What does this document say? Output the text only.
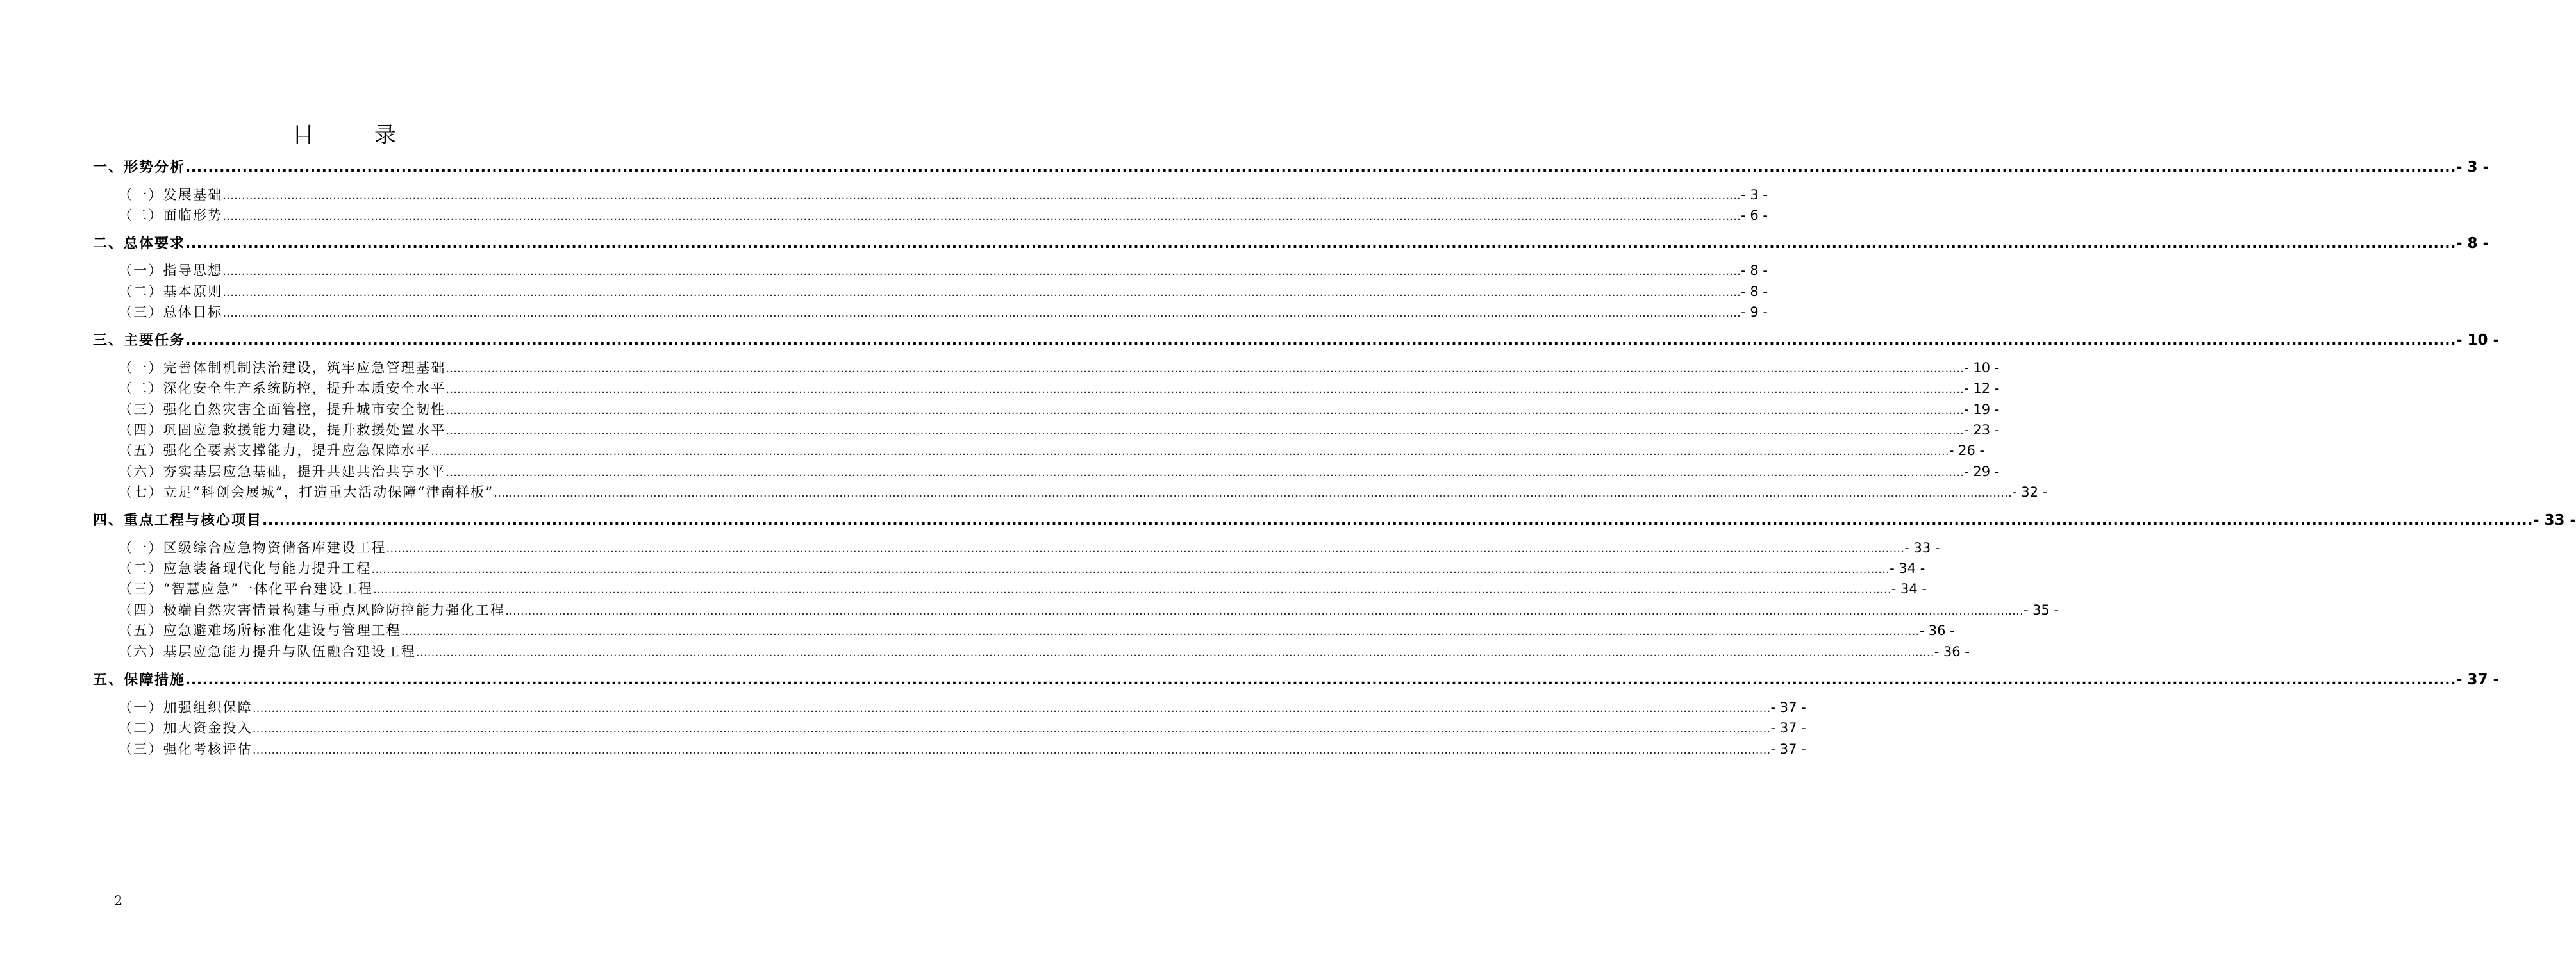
目　录
一、形势分析 ................................................................................................................................................................................................................................................................................................................................................................................................................ - 3 -
（一）发展基础 ................................................................................................................................................................................................................................................................................................................................................................................................................ - 3 -
（二）面临形势 ................................................................................................................................................................................................................................................................................................................................................................................................................ - 6 -
二、总体要求 ................................................................................................................................................................................................................................................................................................................................................................................................................ - 8 -
（一）指导思想 ................................................................................................................................................................................................................................................................................................................................................................................................................ - 8 -
（二）基本原则 ................................................................................................................................................................................................................................................................................................................................................................................................................ - 8 -
（三）总体目标 ................................................................................................................................................................................................................................................................................................................................................................................................................ - 9 -
三、主要任务 ................................................................................................................................................................................................................................................................................................................................................................................................................ - 10 -
（一）完善体制机制法治建设，筑牢应急管理基础 ................................................................................................................................................................................................................................................................................................................................................................................................................ - 10 -
（二）深化安全生产系统防控，提升本质安全水平 ................................................................................................................................................................................................................................................................................................................................................................................................................ - 12 -
（三）强化自然灾害全面管控，提升城市安全韧性 ................................................................................................................................................................................................................................................................................................................................................................................................................ - 19 -
（四）巩固应急救援能力建设，提升救援处置水平 ................................................................................................................................................................................................................................................................................................................................................................................................................ - 23 -
（五）强化全要素支撑能力，提升应急保障水平 ................................................................................................................................................................................................................................................................................................................................................................................................................ - 26 -
（六）夯实基层应急基础，提升共建共治共享水平 ................................................................................................................................................................................................................................................................................................................................................................................................................ - 29 -
（七）立足“科创会展城”，打造重大活动保障“津南样板” ................................................................................................................................................................................................................................................................................................................................................................................................................ - 32 -
四、重点工程与核心项目 ................................................................................................................................................................................................................................................................................................................................................................................................................ - 33 -
（一）区级综合应急物资储备库建设工程 ................................................................................................................................................................................................................................................................................................................................................................................................................ - 33 -
（二）应急装备现代化与能力提升工程 ................................................................................................................................................................................................................................................................................................................................................................................................................ - 34 -
（三）“智慧应急”一体化平台建设工程 ................................................................................................................................................................................................................................................................................................................................................................................................................ - 34 -
（四）极端自然灾害情景构建与重点风险防控能力强化工程 ................................................................................................................................................................................................................................................................................................................................................................................................................ - 35 -
（五）应急避难场所标准化建设与管理工程 ................................................................................................................................................................................................................................................................................................................................................................................................................ - 36 -
（六）基层应急能力提升与队伍融合建设工程 ................................................................................................................................................................................................................................................................................................................................................................................................................ - 36 -
五、保障措施 ................................................................................................................................................................................................................................................................................................................................................................................................................ - 37 -
（一）加强组织保障 ................................................................................................................................................................................................................................................................................................................................................................................................................ - 37 -
（二）加大资金投入 ................................................................................................................................................................................................................................................................................................................................................................................................................ - 37 -
（三）强化考核评估 ................................................................................................................................................................................................................................................................................................................................................................................................................ - 37 -
－ 2 －
